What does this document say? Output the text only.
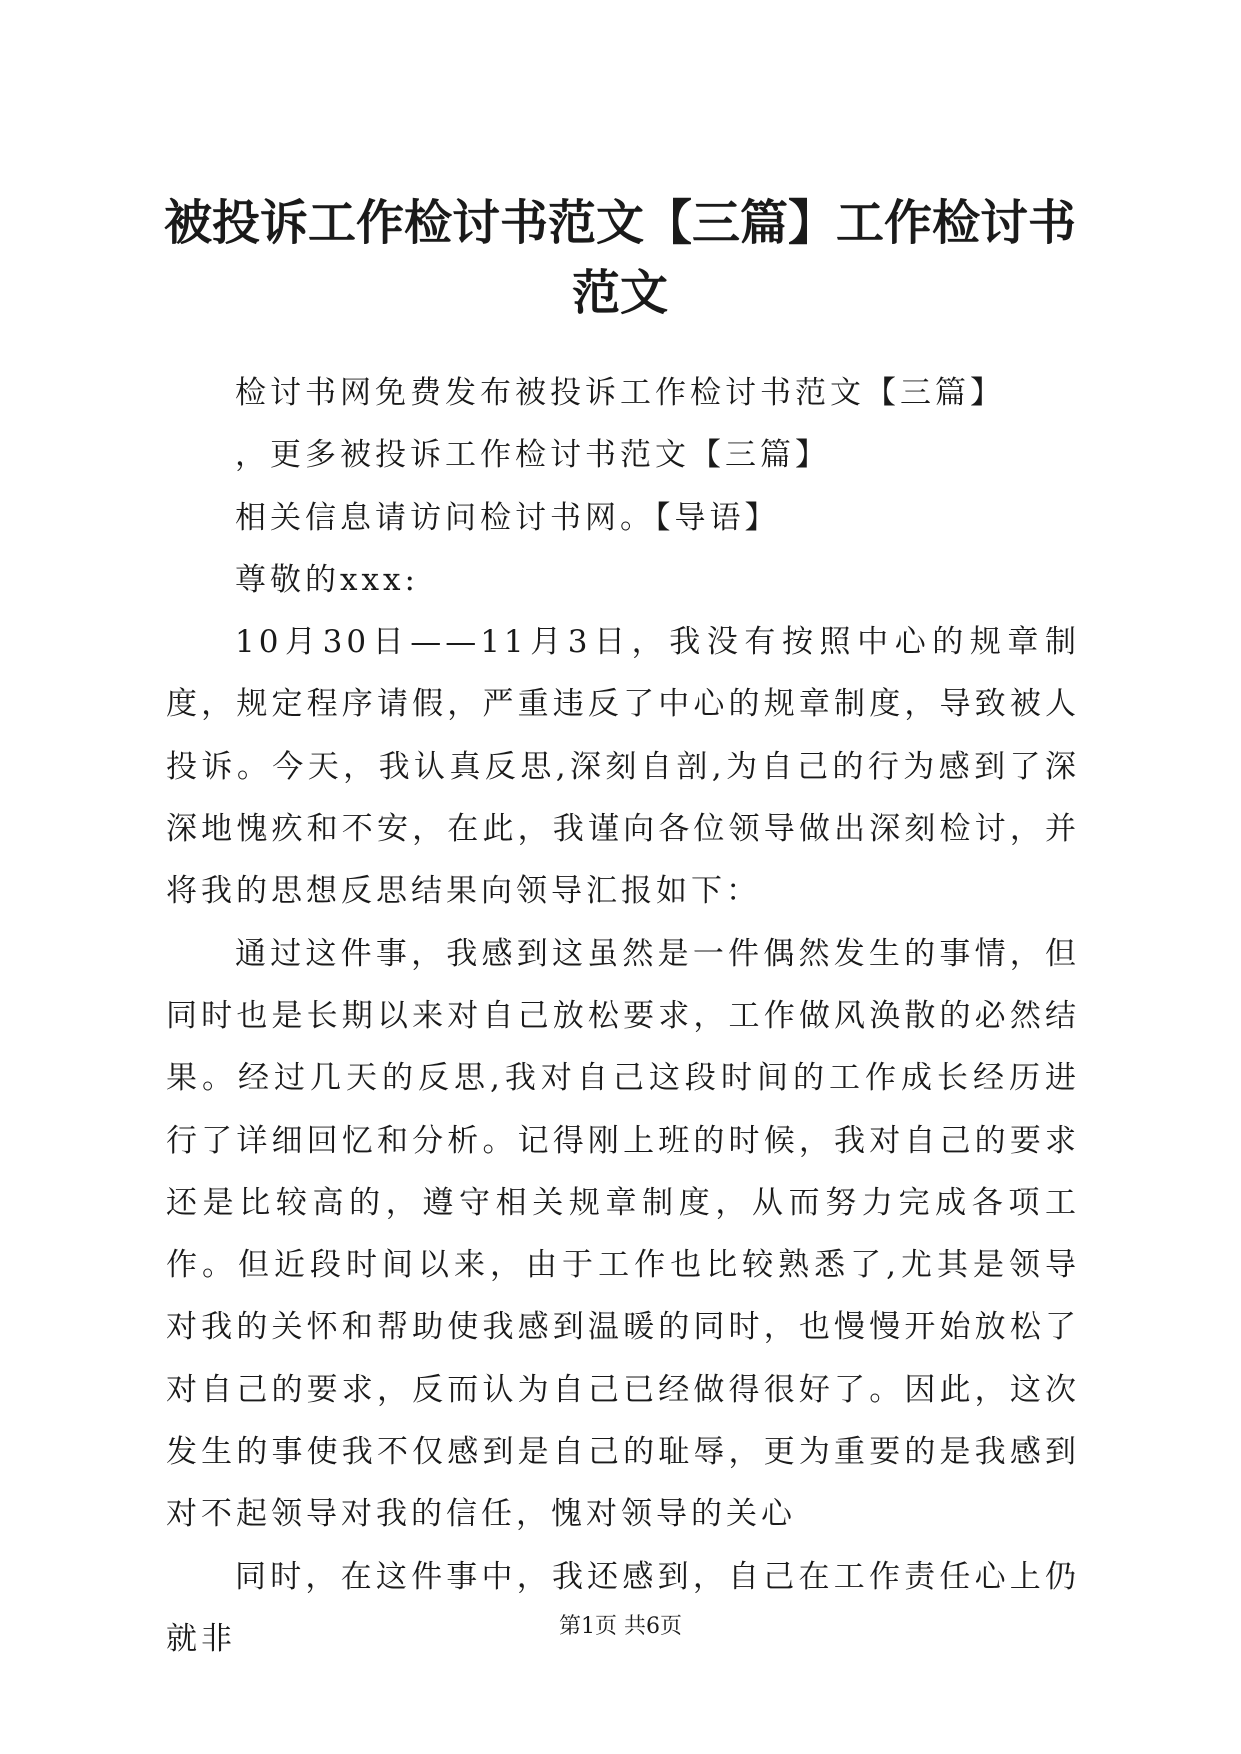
被投诉工作检讨书范文【三篇】工作检讨书范文

检讨书网免费发布被投诉工作检讨书范文【三篇】

，更多被投诉工作检讨书范文【三篇】

相关信息请访问检讨书网。【导语】

尊敬的xxx:

10月30日——11月3日，我没有按照中心的规章制度，规定程序请假，严重违反了中心的规章制度，导致被人投诉。今天，我认真反思,深刻自剖,为自己的行为感到了深深地愧疚和不安，在此，我谨向各位领导做出深刻检讨，并将我的思想反思结果向领导汇报如下：

通过这件事，我感到这虽然是一件偶然发生的事情，但同时也是长期以来对自己放松要求，工作做风涣散的必然结果。经过几天的反思,我对自己这段时间的工作成长经历进行了详细回忆和分析。记得刚上班的时候，我对自己的要求还是比较高的，遵守相关规章制度，从而努力完成各项工作。但近段时间以来，由于工作也比较熟悉了,尤其是领导对我的关怀和帮助使我感到温暖的同时，也慢慢开始放松了对自己的要求，反而认为自己已经做得很好了。因此，这次发生的事使我不仅感到是自己的耻辱，更为重要的是我感到对不起领导对我的信任，愧对领导的关心

同时，在这件事中，我还感到，自己在工作责任心上仍就非	第1页 共6页
